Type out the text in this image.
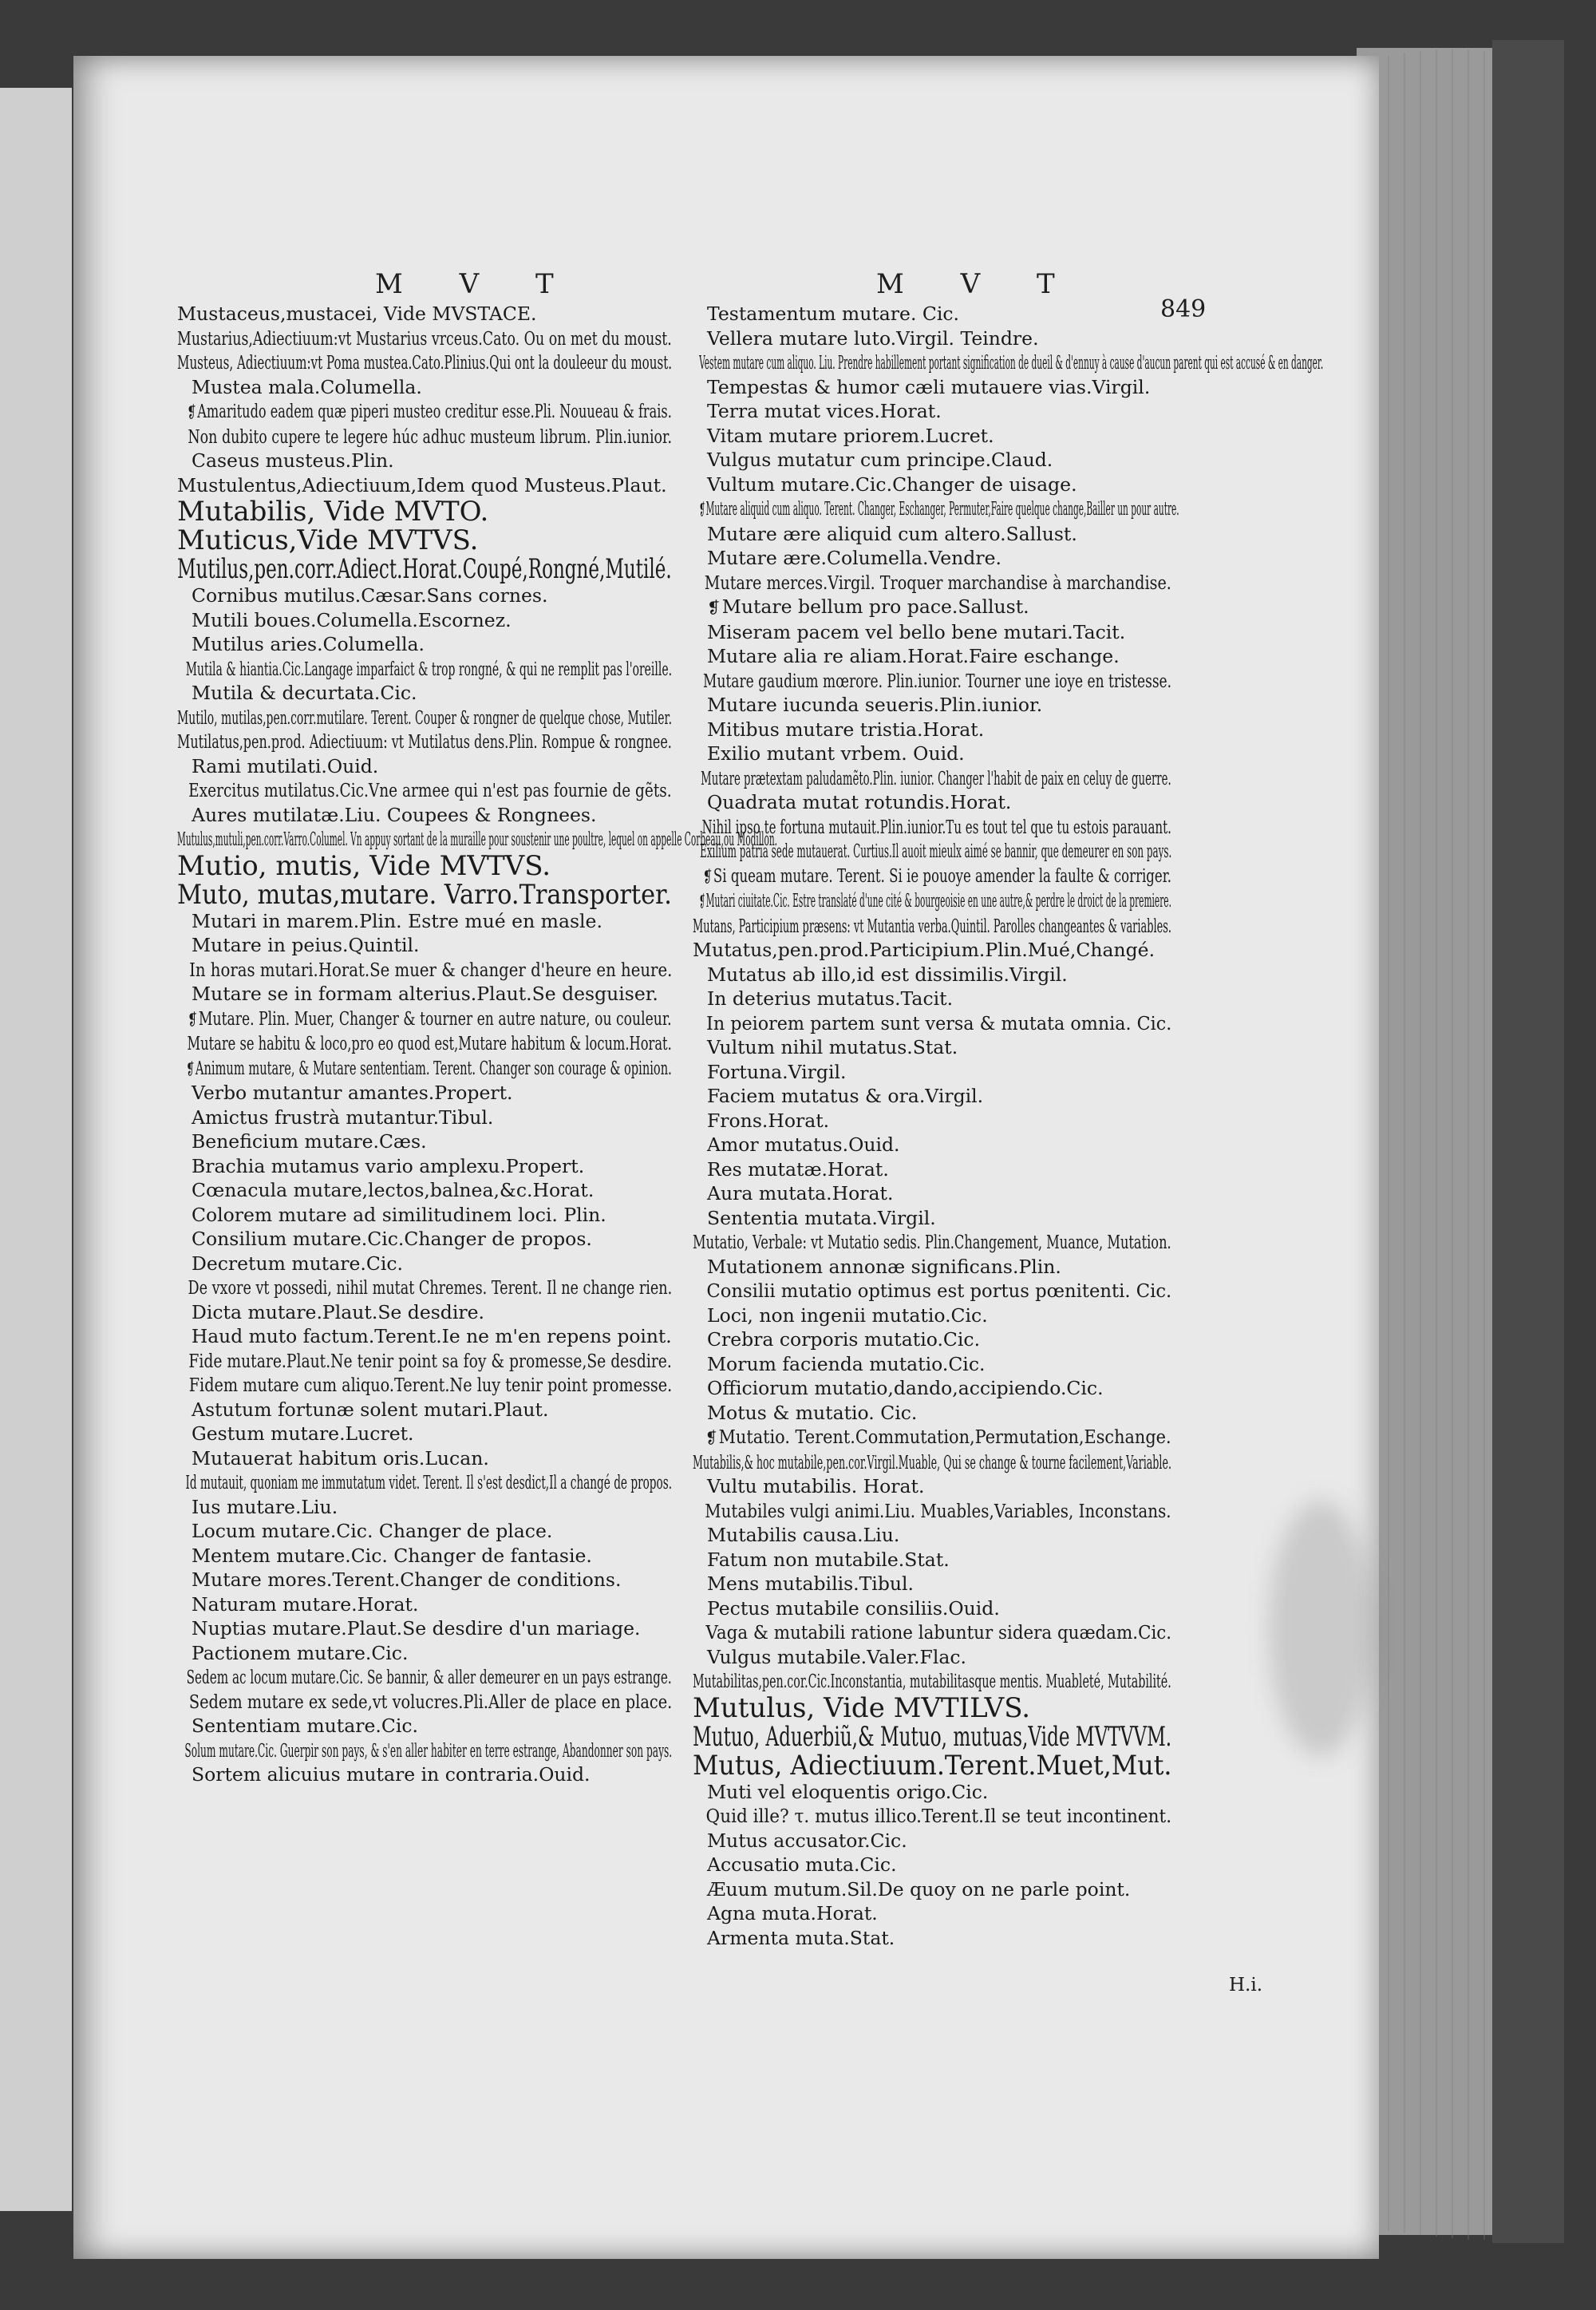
M V T	M V T
849
Mustaceus,mustacei, Vide MVSTACE.
Mustarius,Adiectiuum:vt Mustarius vrceus.Cato. Ou on met du moust.
Musteus, Adiectiuum:vt Poma mustea.Cato.Plinius.Qui ont la douleeur du moust.
Mustea mala.Columella.
❡ Amaritudo eadem quæ piperi musteo creditur esse.Pli. Nouueau & frais.
Non dubito cupere te legere húc adhuc musteum librum. Plin.iunior.
Caseus musteus.Plin.
Mustulentus,Adiectiuum,Idem quod Musteus.Plaut.
Mutabilis, Vide MVTO.
Muticus,Vide MVTVS.
Mutilus,pen.corr.Adiect.Horat.Coupé,Rongné,Mutilé.
Cornibus mutilus.Cæsar.Sans cornes.
Mutili boues.Columella.Escornez.
Mutilus aries.Columella.
Mutila & hiantia.Cic.Langage imparfaict & trop rongné, & qui ne remplit pas l'oreille.
Mutila & decurtata.Cic.
Mutilo, mutilas,pen.corr.mutilare. Terent. Couper & rongner de quelque chose, Mutiler.
Mutilatus,pen.prod. Adiectiuum: vt Mutilatus dens.Plin. Rompue & rongnee.
Rami mutilati.Ouid.
Exercitus mutilatus.Cic.Vne armee qui n'est pas fournie de gẽts.
Aures mutilatæ.Liu. Coupees & Rongnees.
Mutulus,mutuli,pen.corr.Varro.Columel. Vn appuy sortant de la muraille pour soustenir une poultre, lequel on appelle Corbeau,ou Modillon.
Mutio, mutis, Vide MVTVS.
Muto, mutas,mutare. Varro.Transporter.
Mutari in marem.Plin. Estre mué en masle.
Mutare in peius.Quintil.
In horas mutari.Horat.Se muer & changer d'heure en heure.
Mutare se in formam alterius.Plaut.Se desguiser.
❡ Mutare. Plin. Muer, Changer & tourner en autre nature, ou couleur.
Mutare se habitu & loco,pro eo quod est,Mutare habitum & locum.Horat.
❡ Animum mutare, & Mutare sententiam. Terent. Changer son courage & opinion.
Verbo mutantur amantes.Propert.
Amictus frustrà mutantur.Tibul.
Beneficium mutare.Cæs.
Brachia mutamus vario amplexu.Propert.
Cœnacula mutare,lectos,balnea,&c.Horat.
Colorem mutare ad similitudinem loci. Plin.
Consilium mutare.Cic.Changer de propos.
Decretum mutare.Cic.
De vxore vt possedi, nihil mutat Chremes. Terent. Il ne change rien.
Dicta mutare.Plaut.Se desdire.
Haud muto factum.Terent.Ie ne m'en repens point.
Fide mutare.Plaut.Ne tenir point sa foy & promesse,Se desdire.
Fidem mutare cum aliquo.Terent.Ne luy tenir point promesse.
Astutum fortunæ solent mutari.Plaut.
Gestum mutare.Lucret.
Mutauerat habitum oris.Lucan.
Id mutauit, quoniam me immutatum videt. Terent. Il s'est desdict,Il a changé de propos.
Ius mutare.Liu.
Locum mutare.Cic. Changer de place.
Mentem mutare.Cic. Changer de fantasie.
Mutare mores.Terent.Changer de conditions.
Naturam mutare.Horat.
Nuptias mutare.Plaut.Se desdire d'un mariage.
Pactionem mutare.Cic.
Sedem ac locum mutare.Cic. Se bannir, & aller demeurer en un pays estrange.
Sedem mutare ex sede,vt volucres.Pli.Aller de place en place.
Sententiam mutare.Cic.
Solum mutare.Cic. Guerpir son pays, & s'en aller habiter en terre estrange, Abandonner son pays.
Sortem alicuius mutare in contraria.Ouid.
Testamentum mutare. Cic.
Vellera mutare luto.Virgil. Teindre.
Vestem mutare cum aliquo. Liu. Prendre habillement portant signification de dueil & d'ennuy à cause d'aucun parent qui est accusé & en danger.
Tempestas & humor cæli mutauere vias.Virgil.
Terra mutat vices.Horat.
Vitam mutare priorem.Lucret.
Vulgus mutatur cum principe.Claud.
Vultum mutare.Cic.Changer de uisage.
❡ Mutare aliquid cum aliquo. Terent. Changer, Eschanger, Permuter,Faire quelque change,Bailler un pour autre.
Mutare ære aliquid cum altero.Sallust.
Mutare ære.Columella.Vendre.
Mutare merces.Virgil. Troquer marchandise à marchandise.
❡ Mutare bellum pro pace.Sallust.
Miseram pacem vel bello bene mutari.Tacit.
Mutare alia re aliam.Horat.Faire eschange.
Mutare gaudium mœrore. Plin.iunior. Tourner une ioye en tristesse.
Mutare iucunda seueris.Plin.iunior.
Mitibus mutare tristia.Horat.
Exilio mutant vrbem. Ouid.
Mutare prætextam paludamẽto.Plin. iunior. Changer l'habit de paix en celuy de guerre.
Quadrata mutat rotundis.Horat.
Nihil ipso te fortuna mutauit.Plin.iunior.Tu es tout tel que tu estois parauant.
Exilium patria sede mutauerat. Curtius.Il auoit mieulx aimé se bannir, que demeurer en son pays.
❡ Si queam mutare. Terent. Si ie pouoye amender la faulte & corriger.
❡ Mutari ciuitate.Cic. Estre translaté d'une cité & bourgeoisie en une autre,& perdre le droict de la premiere.
Mutans, Participium præsens: vt Mutantia verba.Quintil. Parolles changeantes & variables.
Mutatus,pen.prod.Participium.Plin.Mué,Changé.
Mutatus ab illo,id est dissimilis.Virgil.
In deterius mutatus.Tacit.
In peiorem partem sunt versa & mutata omnia. Cic.
Vultum nihil mutatus.Stat.
Fortuna.Virgil.
Faciem mutatus & ora.Virgil.
Frons.Horat.
Amor mutatus.Ouid.
Res mutatæ.Horat.
Aura mutata.Horat.
Sententia mutata.Virgil.
Mutatio, Verbale: vt Mutatio sedis. Plin.Changement, Muance, Mutation.
Mutationem annonæ significans.Plin.
Consilii mutatio optimus est portus pœnitenti. Cic.
Loci, non ingenii mutatio.Cic.
Crebra corporis mutatio.Cic.
Morum facienda mutatio.Cic.
Officiorum mutatio,dando,accipiendo.Cic.
Motus & mutatio. Cic.
❡ Mutatio. Terent.Commutation,Permutation,Eschange.
Mutabilis,& hoc mutabile,pen.cor.Virgil.Muable, Qui se change & tourne facilement,Variable.
Vultu mutabilis. Horat.
Mutabiles vulgi animi.Liu. Muables,Variables, Inconstans.
Mutabilis causa.Liu.
Fatum non mutabile.Stat.
Mens mutabilis.Tibul.
Pectus mutabile consiliis.Ouid.
Vaga & mutabili ratione labuntur sidera quædam.Cic.
Vulgus mutabile.Valer.Flac.
Mutabilitas,pen.cor.Cic.Inconstantia, mutabilitasque mentis. Muableté, Mutabilité.
Mutulus, Vide MVTILVS.
Mutuo, Aduerbiũ,& Mutuo, mutuas,Vide MVTVVM.
Mutus, Adiectiuum.Terent.Muet,Mut.
Muti vel eloquentis origo.Cic.
Quid ille? τ. mutus illico.Terent.Il se teut incontinent.
Mutus accusator.Cic.
Accusatio muta.Cic.
Æuum mutum.Sil.De quoy on ne parle point.
Agna muta.Horat.
Armenta muta.Stat.
H.i.
